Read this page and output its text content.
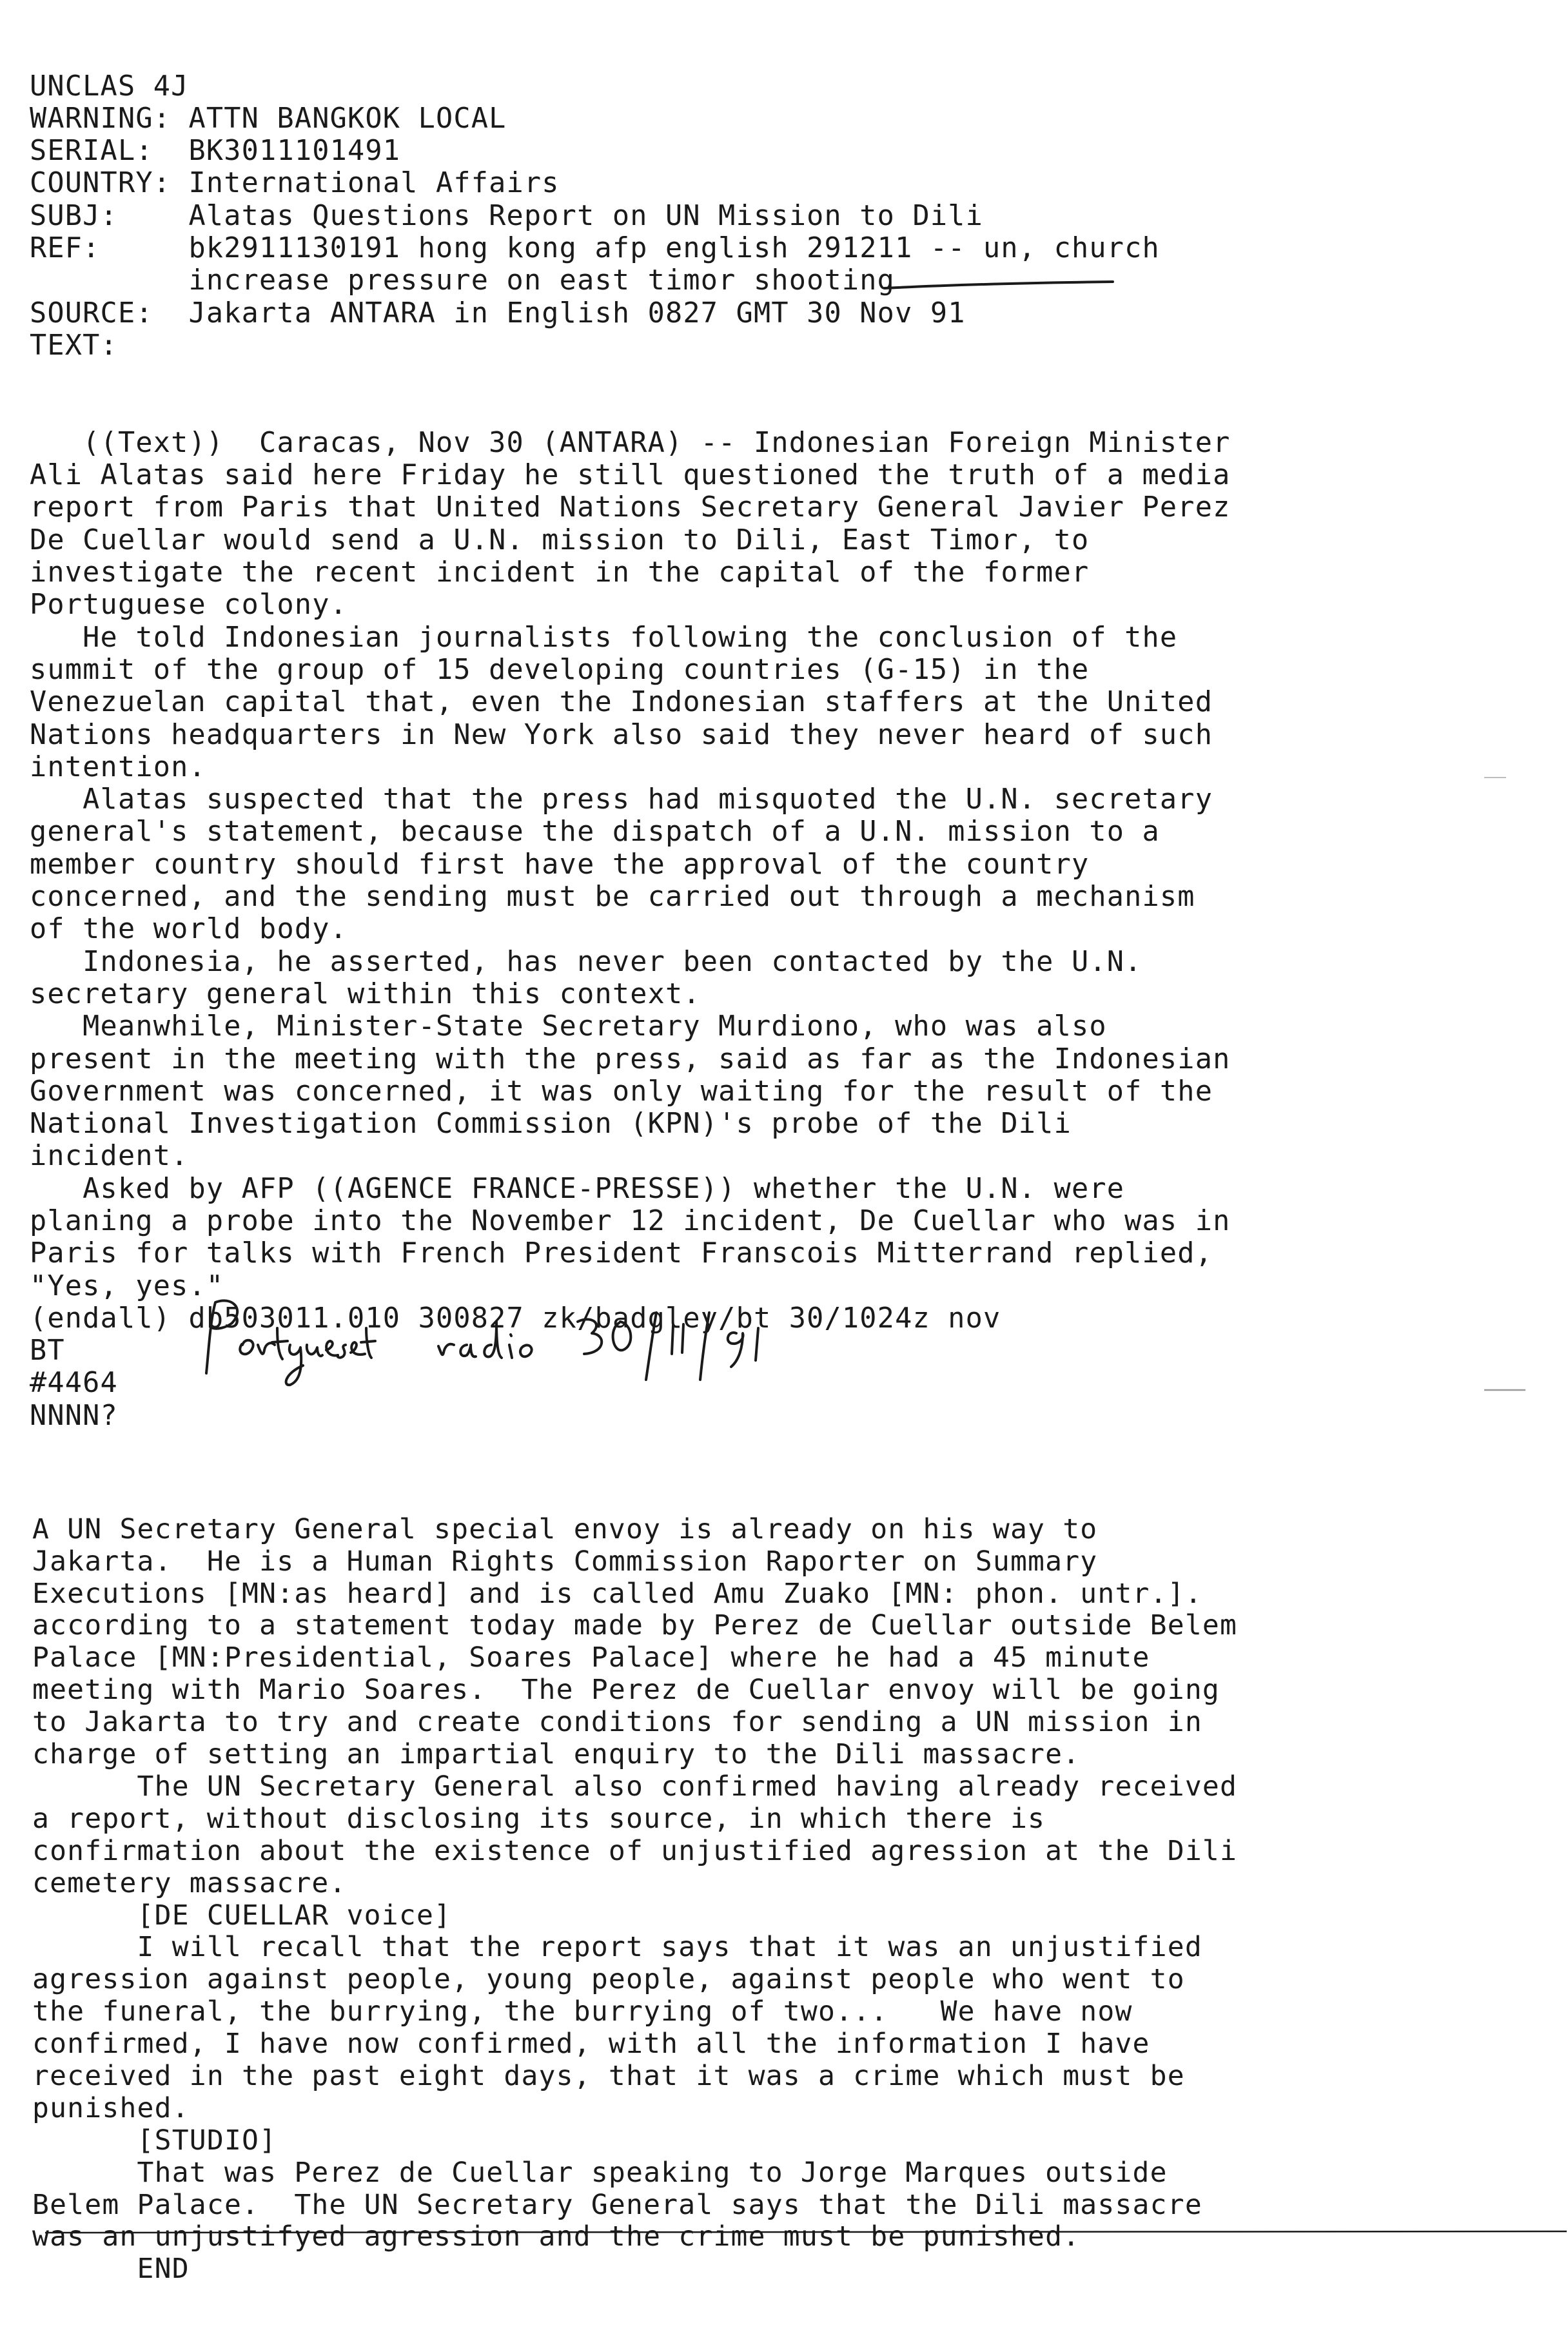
UNCLAS 4J
WARNING: ATTN BANGKOK LOCAL
SERIAL:  BK3011101491
COUNTRY: International Affairs
SUBJ:    Alatas Questions Report on UN Mission to Dili
REF:     bk2911130191 hong kong afp english 291211 -- un, church
increase pressure on east timor shooting
SOURCE:  Jakarta ANTARA in English 0827 GMT 30 Nov 91
TEXT:

((Text))  Caracas, Nov 30 (ANTARA) -- Indonesian Foreign Minister
Ali Alatas said here Friday he still questioned the truth of a media
report from Paris that United Nations Secretary General Javier Perez
De Cuellar would send a U.N. mission to Dili, East Timor, to
investigate the recent incident in the capital of the former
Portuguese colony.
He told Indonesian journalists following the conclusion of the
summit of the group of 15 developing countries (G-15) in the
Venezuelan capital that, even the Indonesian staffers at the United
Nations headquarters in New York also said they never heard of such
intention.
Alatas suspected that the press had misquoted the U.N. secretary
general's statement, because the dispatch of a U.N. mission to a
member country should first have the approval of the country
concerned, and the sending must be carried out through a mechanism
of the world body.
Indonesia, he asserted, has never been contacted by the U.N.
secretary general within this context.
Meanwhile, Minister-State Secretary Murdiono, who was also
present in the meeting with the press, said as far as the Indonesian
Government was concerned, it was only waiting for the result of the
National Investigation Commission (KPN)'s probe of the Dili
incident.
Asked by AFP ((AGENCE FRANCE-PRESSE)) whether the U.N. were
planing a probe into the November 12 incident, De Cuellar who was in
Paris for talks with French President Franscois Mitterrand replied,
"Yes, yes."
(endall) db503011.010 300827 zk/badgley/bt 30/1024z nov
BT
#4464
NNNN?

A UN Secretary General special envoy is already on his way to
Jakarta.  He is a Human Rights Commission Raporter on Summary
Executions [MN:as heard] and is called Amu Zuako [MN: phon. untr.].
according to a statement today made by Perez de Cuellar outside Belem
Palace [MN:Presidential, Soares Palace] where he had a 45 minute
meeting with Mario Soares.  The Perez de Cuellar envoy will be going
to Jakarta to try and create conditions for sending a UN mission in
charge of setting an impartial enquiry to the Dili massacre.
The UN Secretary General also confirmed having already received
a report, without disclosing its source, in which there is
confirmation about the existence of unjustified agression at the Dili
cemetery massacre.
[DE CUELLAR voice]
I will recall that the report says that it was an unjustified
agression against people, young people, against people who went to
the funeral, the burrying, the burrying of two...   We have now
confirmed, I have now confirmed, with all the information I have
received in the past eight days, that it was a crime which must be
punished.
[STUDIO]
That was Perez de Cuellar speaking to Jorge Marques outside
Belem Palace.  The UN Secretary General says that the Dili massacre
was an unjustifyed agression and the crime must be punished.
END
